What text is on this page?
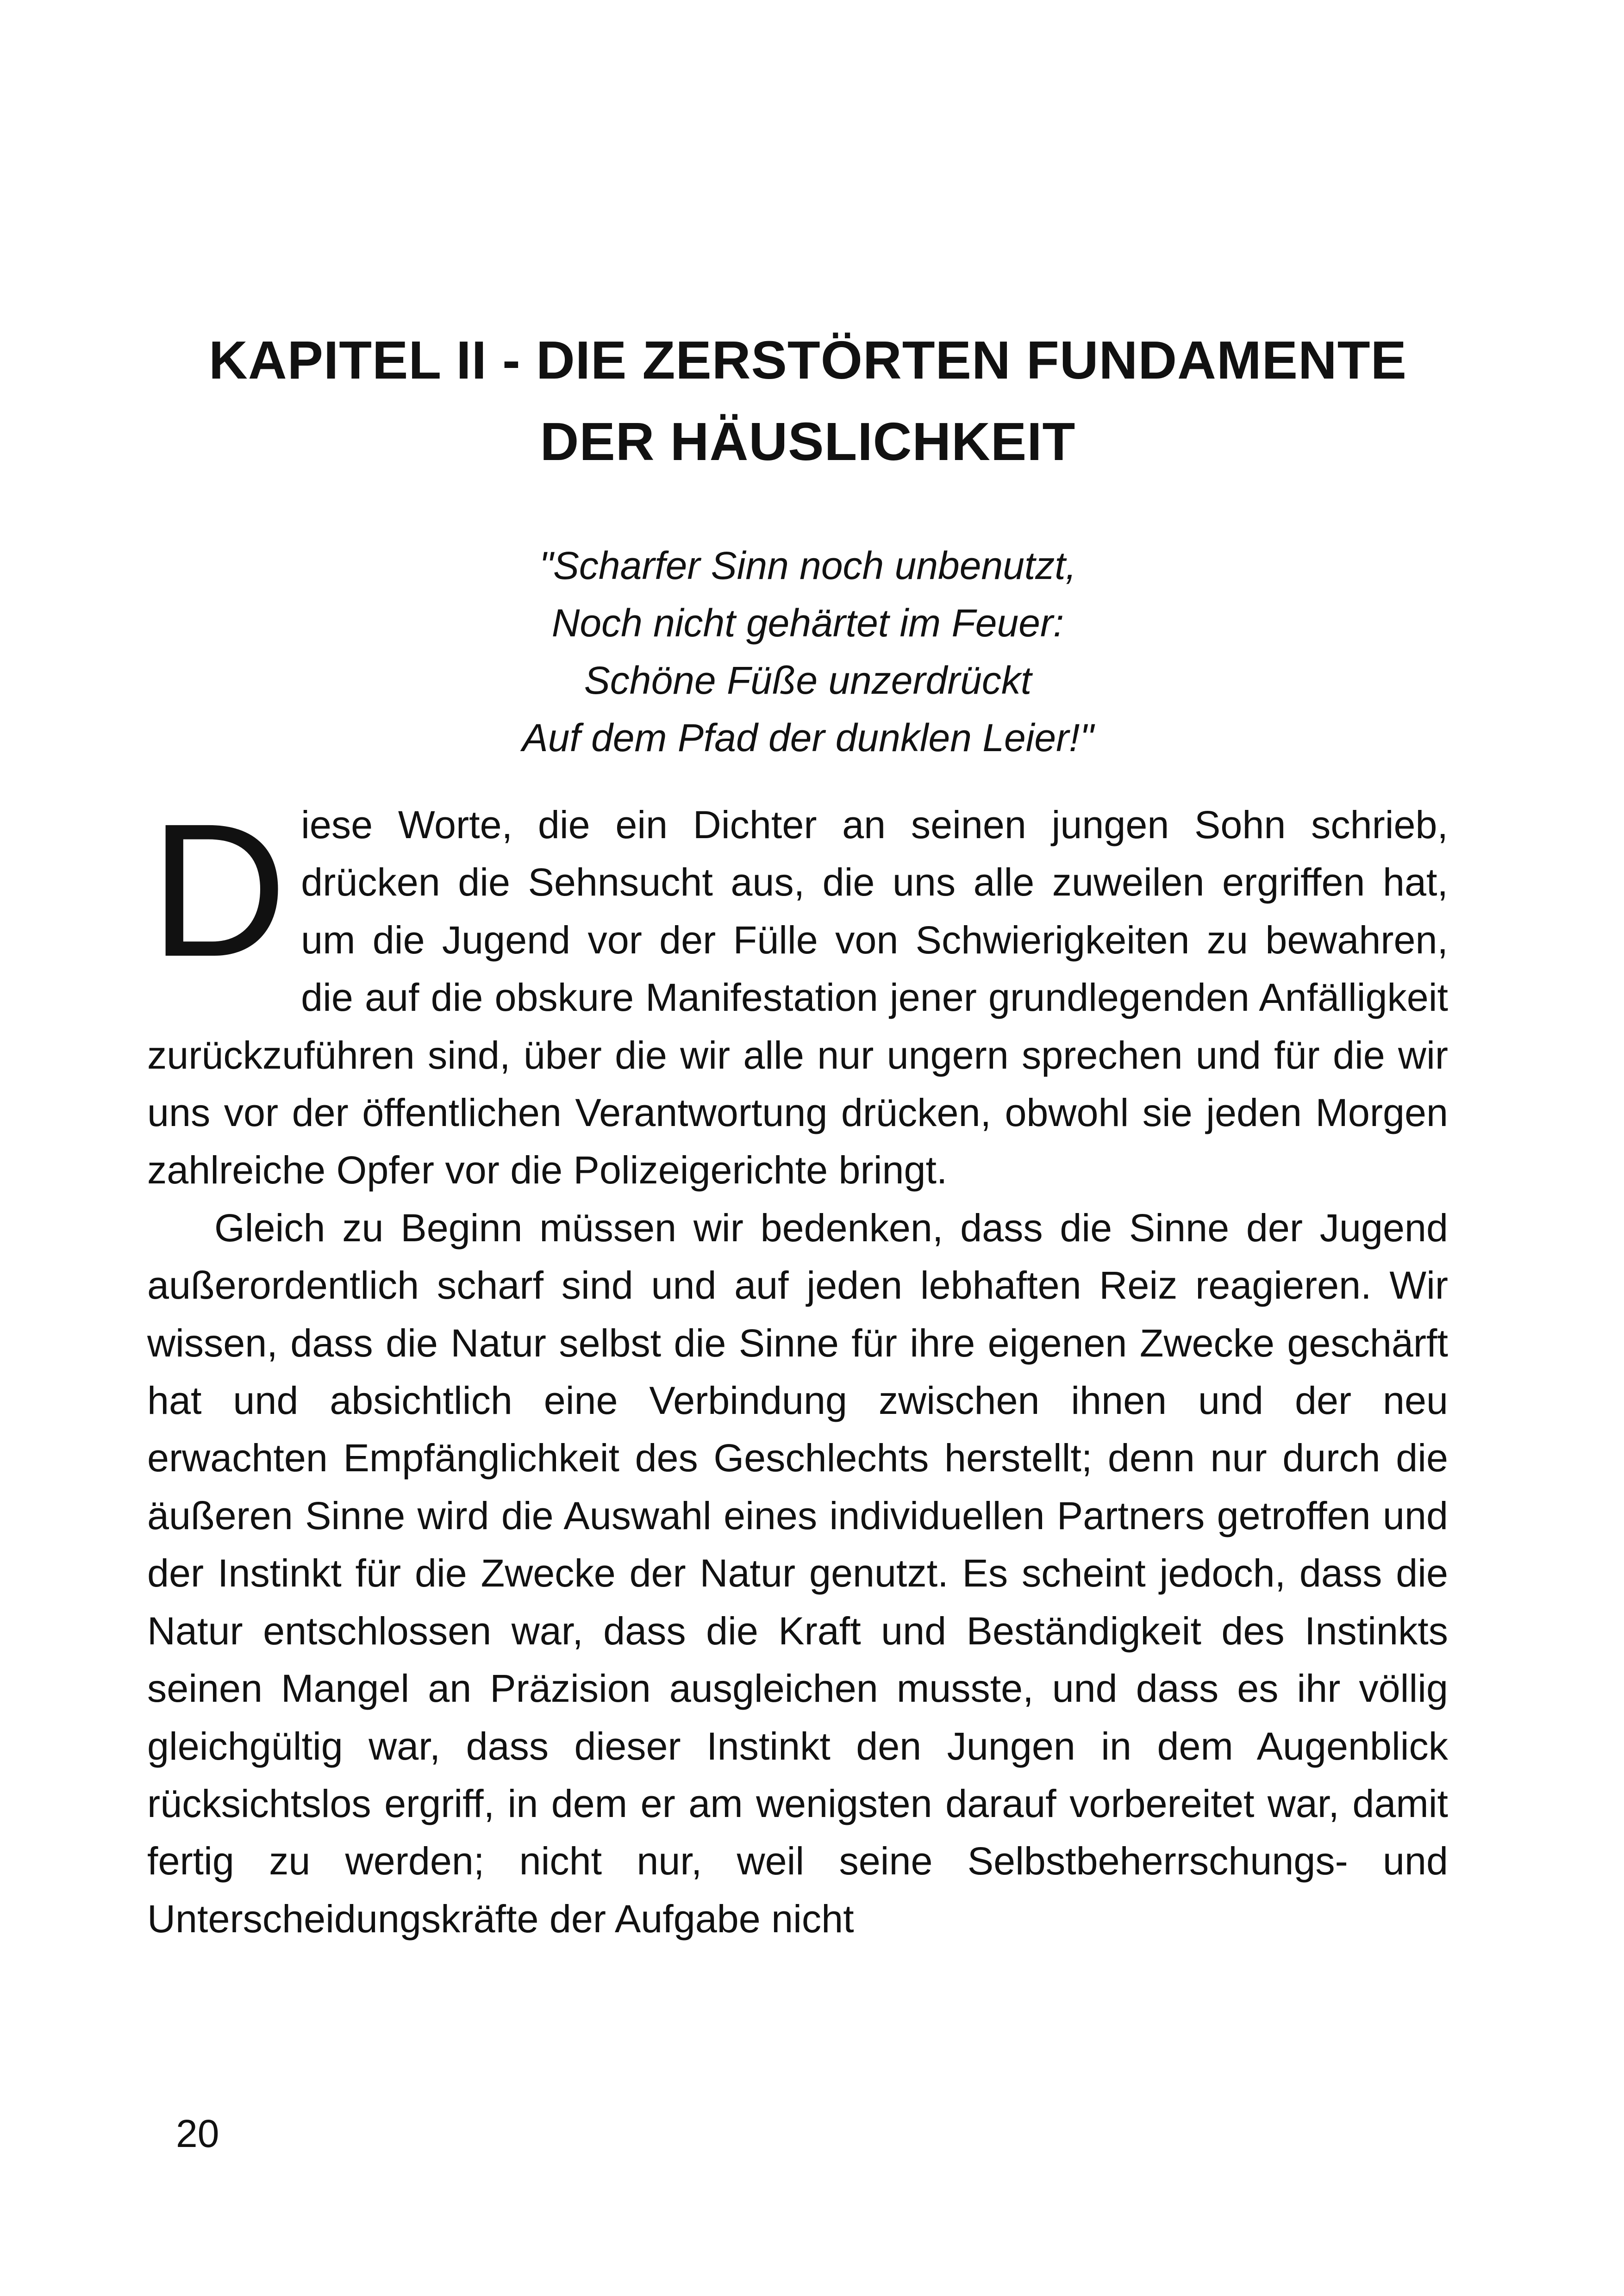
KAPITEL II - DIE ZERSTÖRTEN FUNDAMENTE
DER HÄUSLICHKEIT
"Scharfer Sinn noch unbenutzt,
Noch nicht gehärtet im Feuer:
Schöne Füße unzerdrückt
Auf dem Pfad der dunklen Leier!"

Diese Worte, die ein Dichter an seinen jungen Sohn schrieb, drücken die Sehnsucht aus, die uns alle zuweilen ergriffen hat, um die Jugend vor der Fülle von Schwierigkeiten zu bewahren, die auf die obskure Manifestation jener grundlegenden Anfälligkeit zurückzuführen sind, über die wir alle nur ungern sprechen und für die wir uns vor der öffentlichen Verantwortung drücken, obwohl sie jeden Morgen zahlreiche Opfer vor die Polizeigerichte bringt.

Gleich zu Beginn müssen wir bedenken, dass die Sinne der Jugend außerordentlich scharf sind und auf jeden lebhaften Reiz reagieren. Wir wissen, dass die Natur selbst die Sinne für ihre eigenen Zwecke geschärft hat und absichtlich eine Verbindung zwischen ihnen und der neu erwachten Empfänglichkeit des Geschlechts herstellt; denn nur durch die äußeren Sinne wird die Auswahl eines individuellen Partners getroffen und der Instinkt für die Zwecke der Natur genutzt. Es scheint jedoch, dass die Natur entschlossen war, dass die Kraft und Beständigkeit des Instinkts seinen Mangel an Präzision ausgleichen musste, und dass es ihr völlig gleichgültig war, dass dieser Instinkt den Jungen in dem Augenblick rücksichtslos ergriff, in dem er am wenigsten darauf vorbereitet war, damit fertig zu werden; nicht nur, weil seine Selbstbeherrschungs- und Unterscheidungskräfte der Aufgabe nicht

20
